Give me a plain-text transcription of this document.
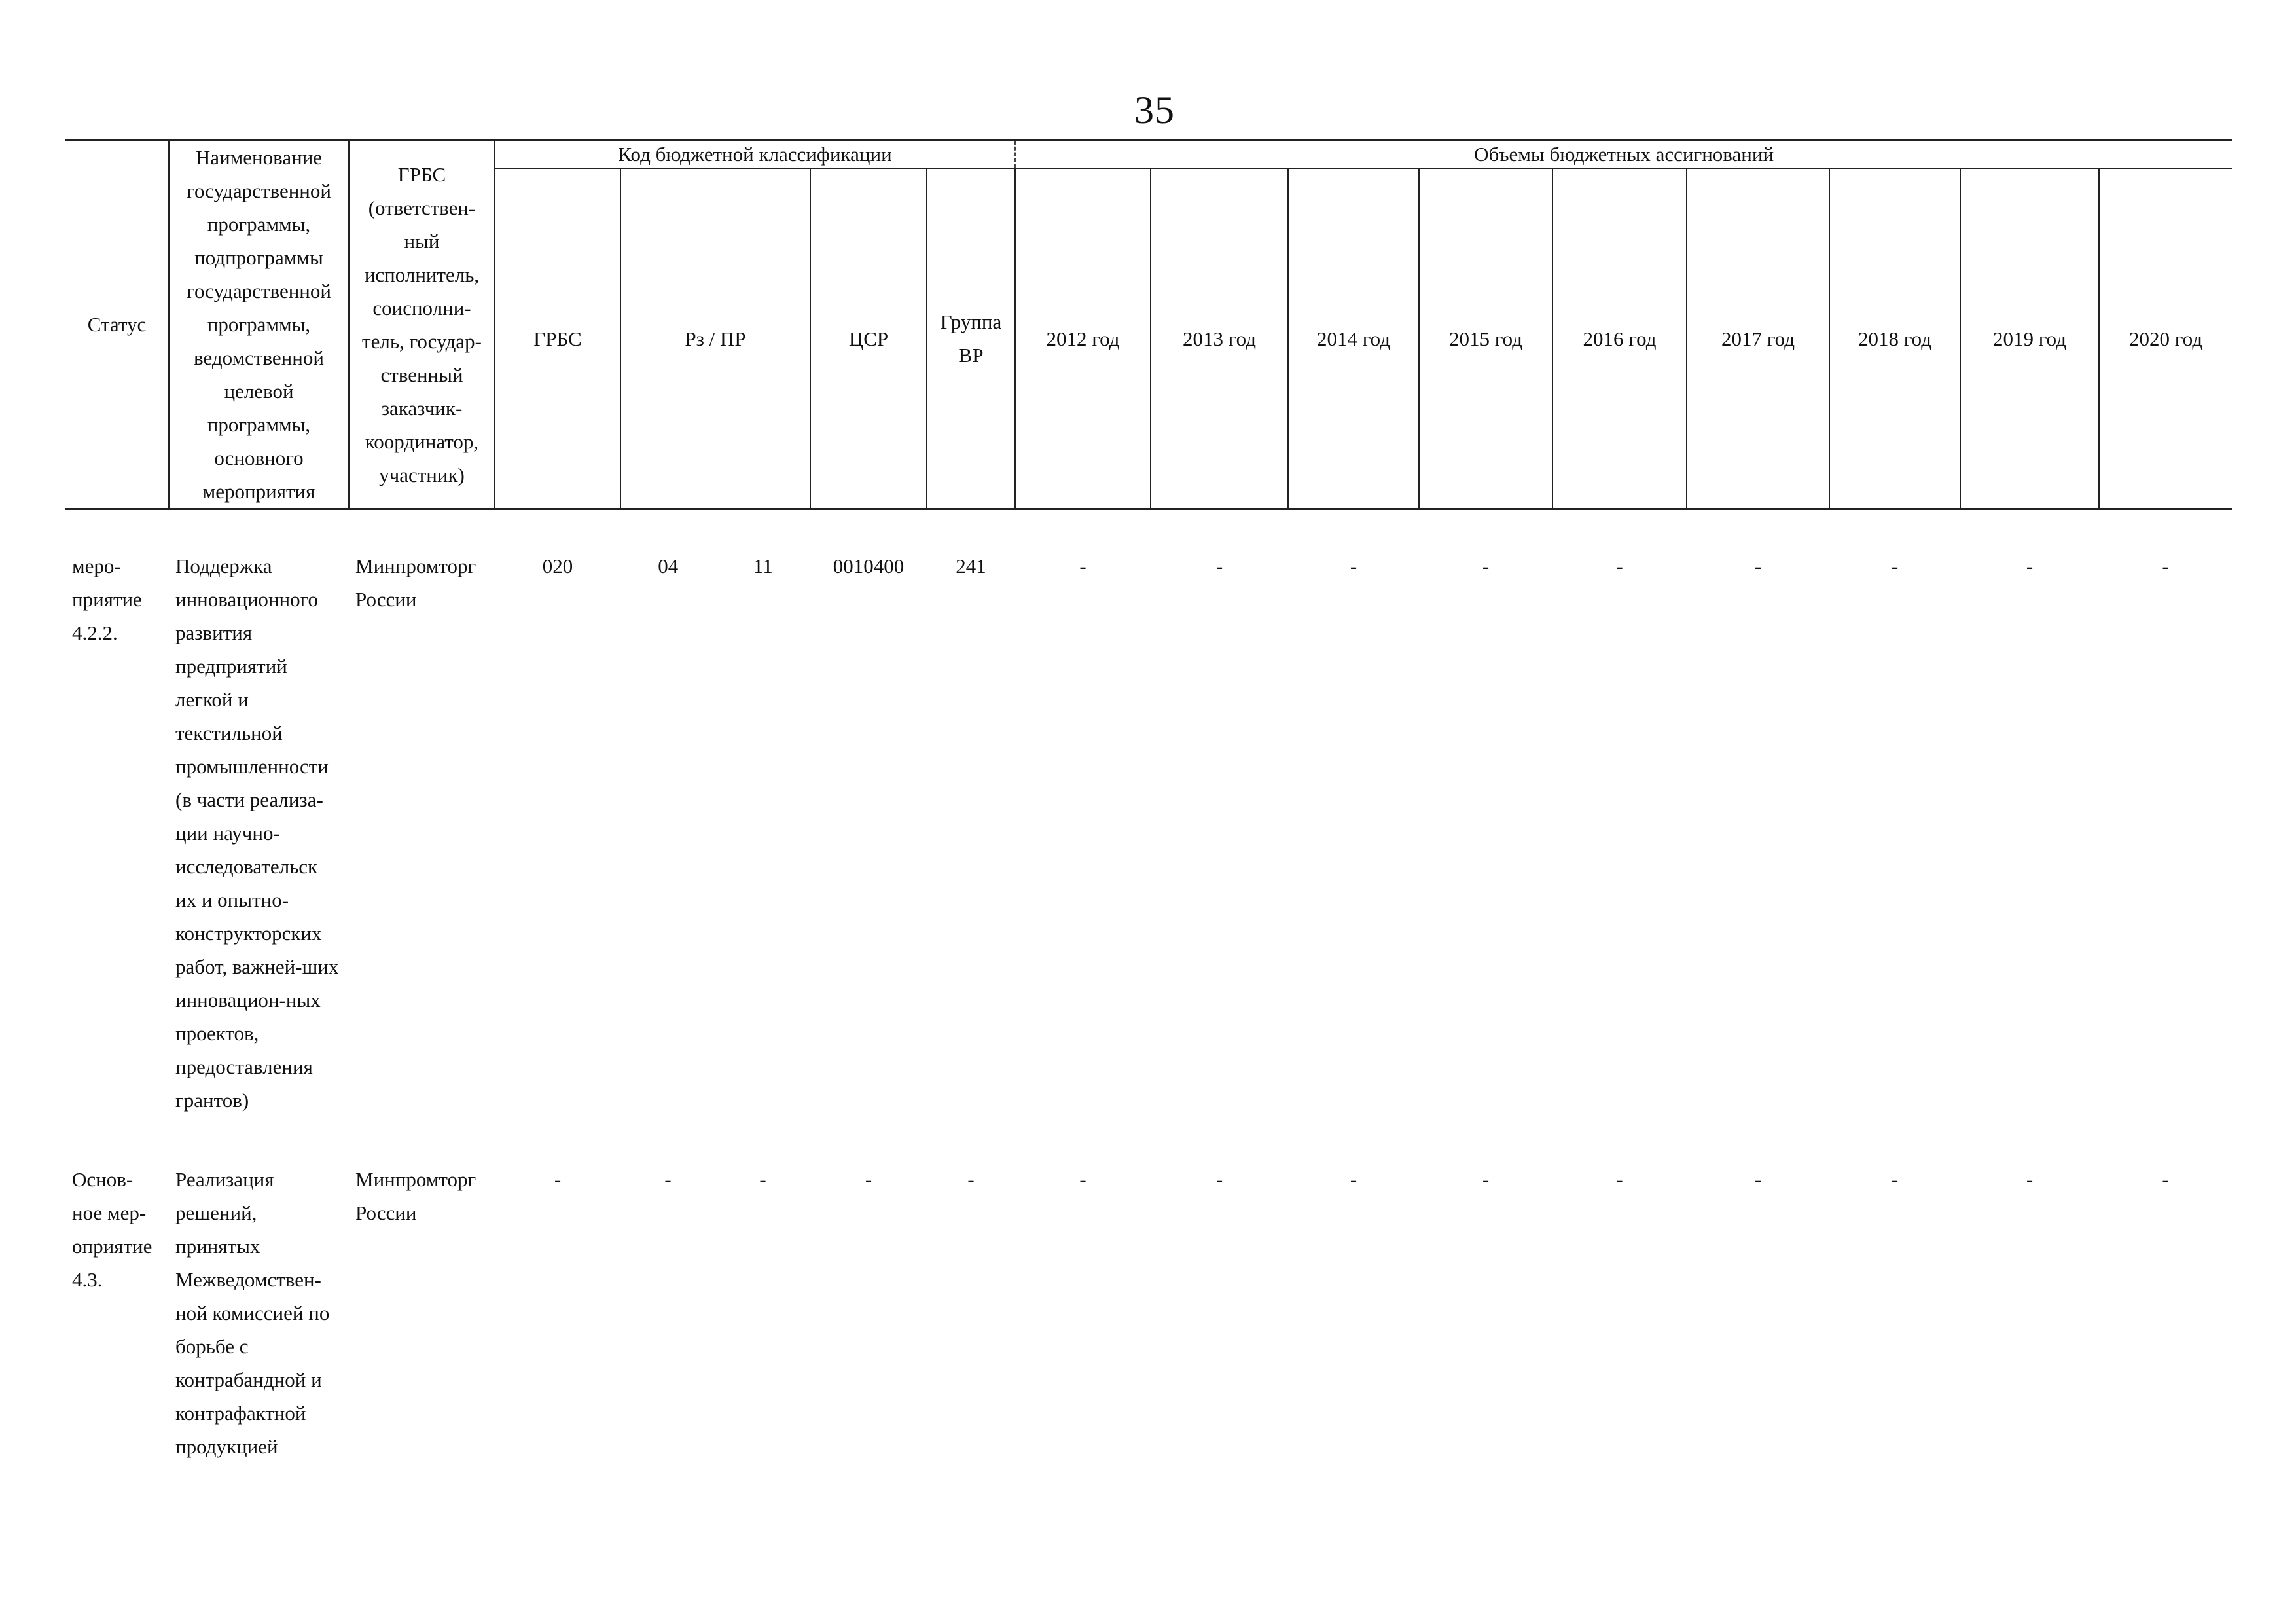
35
Статус	Наименование государственной программы, подпрограммы государственной программы, ведомственной целевой программы, основного мероприятия	ГРБС (ответствен-ный исполнитель, соисполни-тель, государ-ственный заказчик-координатор, участник)	Код бюджетной классификации				Объемы бюджетных ассигнований								
			ГРБС	Рз / ПР	ЦСР	Группа ВР	2012 год	2013 год	2014 год	2015 год	2016 год	2017 год	2018 год	2019 год	2020 год

меро-приятие 4.2.2.	Поддержка инновационного развития предприятий легкой и текстильной промышленности (в части реализа-ции научно-исследовательск их и опытно-конструкторских работ, важней-ших инновацион-ных проектов, предоставления грантов)	Минпромторг России	020	04 11	0010400	241	-	-	-	-	-	-	-	-	-

Основ-ное мер-оприятие 4.3.	Реализация решений, принятых Межведомствен-ной комиссией по борьбе с контрабандной и контрафактной продукцией	Минпромторг России	-	- -	-	-	-	-	-	-	-	-	-	-	-
